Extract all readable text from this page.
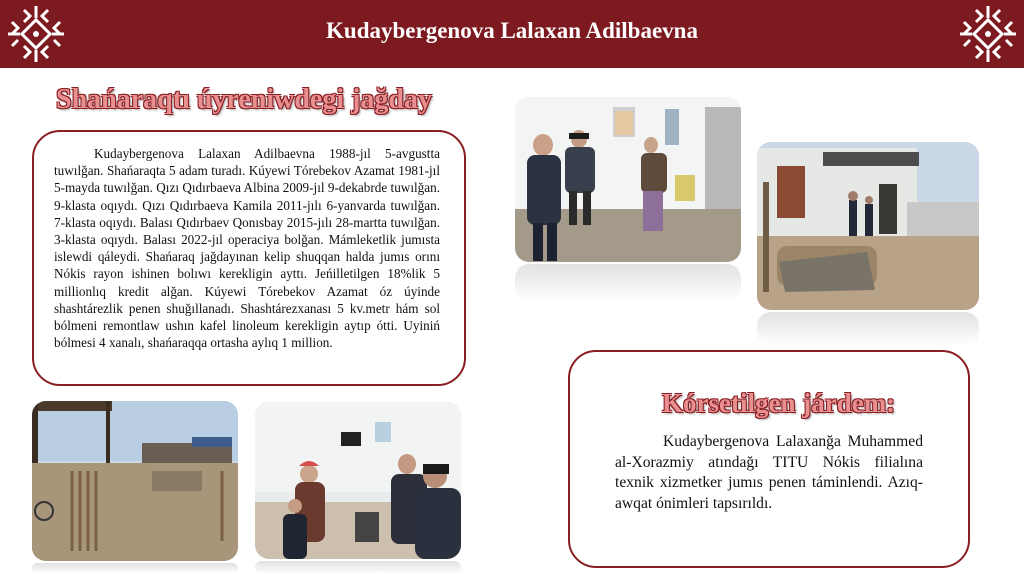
Kudaybergenova Lalaxan Adilbaevna
Shańaraqtı úyreniwdegi jağday
Kudaybergenova Lalaxan Adilbaevna 1988-jıl 5-avgustta tuwılğan. Shańaraqta 5 adam turadı. Kúyewi Tórebekov Azamat 1981-jıl 5-mayda tuwılğan. Qızı Qıdırbaeva Albina 2009-jıl 9-dekabrde tuwılğan. 9-klasta oqıydı. Qızı Qıdırbaeva Kamila 2011-jılı 6-yanvarda tuwılğan. 7-klasta oqıydı. Balası Qıdırbaev Qonısbay 2015-jılı 28-martta tuwılğan. 3-klasta oqıydı. Balası 2022-jıl operaciya bolğan. Mámleketlik jumısta islewdi qáleydi. Shańaraq jağdayınan kelip shuqqan halda jumıs orını Nókis rayon ishinen bolıwı kerekligin ayttı. Jeńilletilgen 18%lik 5 millionlıq kredit alğan. Kúyewi Tórebekov Azamat óz úyinde shashtárezlik penen shuğıllanadı. Shashtárezxanası 5 kv.metr hám sol bólmeni remontlaw ushın kafel linoleum kerekligin aytıp ótti. Uyiniń bólmesi 4 xanalı, shańaraqqa ortasha aylıq 1 million.
Kórsetilgen járdem:
Kudaybergenova Lalaxanğa Muhammed al-Xorazmiy atındağı TITU Nókis filialına texnik xizmetker jumıs penen táminlendi. Azıq-awqat ónimleri tapsırıldı.
